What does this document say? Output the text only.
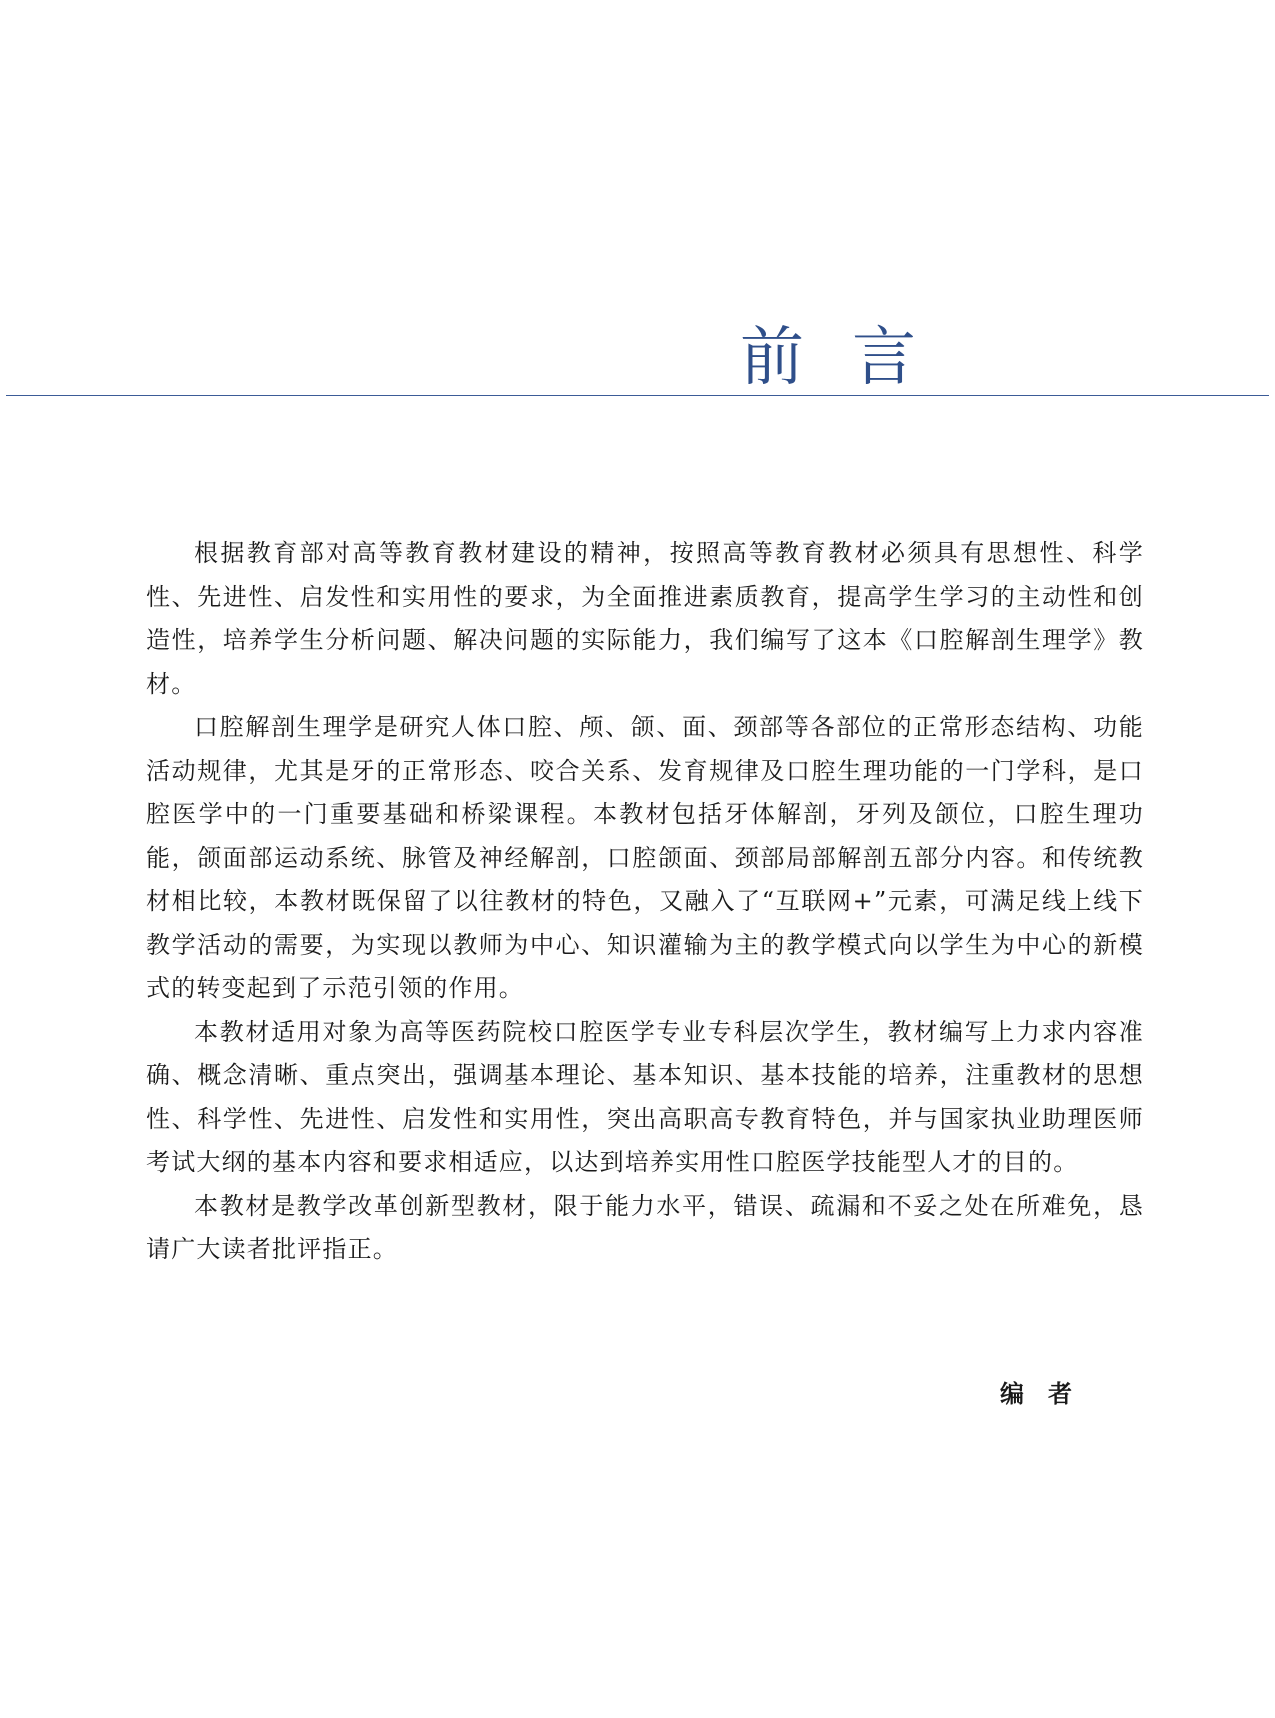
前言

根据教育部对高等教育教材建设的精神，按照高等教育教材必须具有思想性、科学性、先进性、启发性和实用性的要求，为全面推进素质教育，提高学生学习的主动性和创造性，培养学生分析问题、解决问题的实际能力，我们编写了这本《口腔解剖生理学》教材。

口腔解剖生理学是研究人体口腔、颅、颌、面、颈部等各部位的正常形态结构、功能活动规律，尤其是牙的正常形态、咬合关系、发育规律及口腔生理功能的一门学科，是口腔医学中的一门重要基础和桥梁课程。本教材包括牙体解剖，牙列及颌位，口腔生理功能，颌面部运动系统、脉管及神经解剖，口腔颌面、颈部局部解剖五部分内容。和传统教材相比较，本教材既保留了以往教材的特色，又融入了“互联网+”元素，可满足线上线下教学活动的需要，为实现以教师为中心、知识灌输为主的教学模式向以学生为中心的新模式的转变起到了示范引领的作用。

本教材适用对象为高等医药院校口腔医学专业专科层次学生，教材编写上力求内容准确、概念清晰、重点突出，强调基本理论、基本知识、基本技能的培养，注重教材的思想性、科学性、先进性、启发性和实用性，突出高职高专教育特色，并与国家执业助理医师考试大纲的基本内容和要求相适应，以达到培养实用性口腔医学技能型人才的目的。

本教材是教学改革创新型教材，限于能力水平，错误、疏漏和不妥之处在所难免，恳请广大读者批评指正。

编者
